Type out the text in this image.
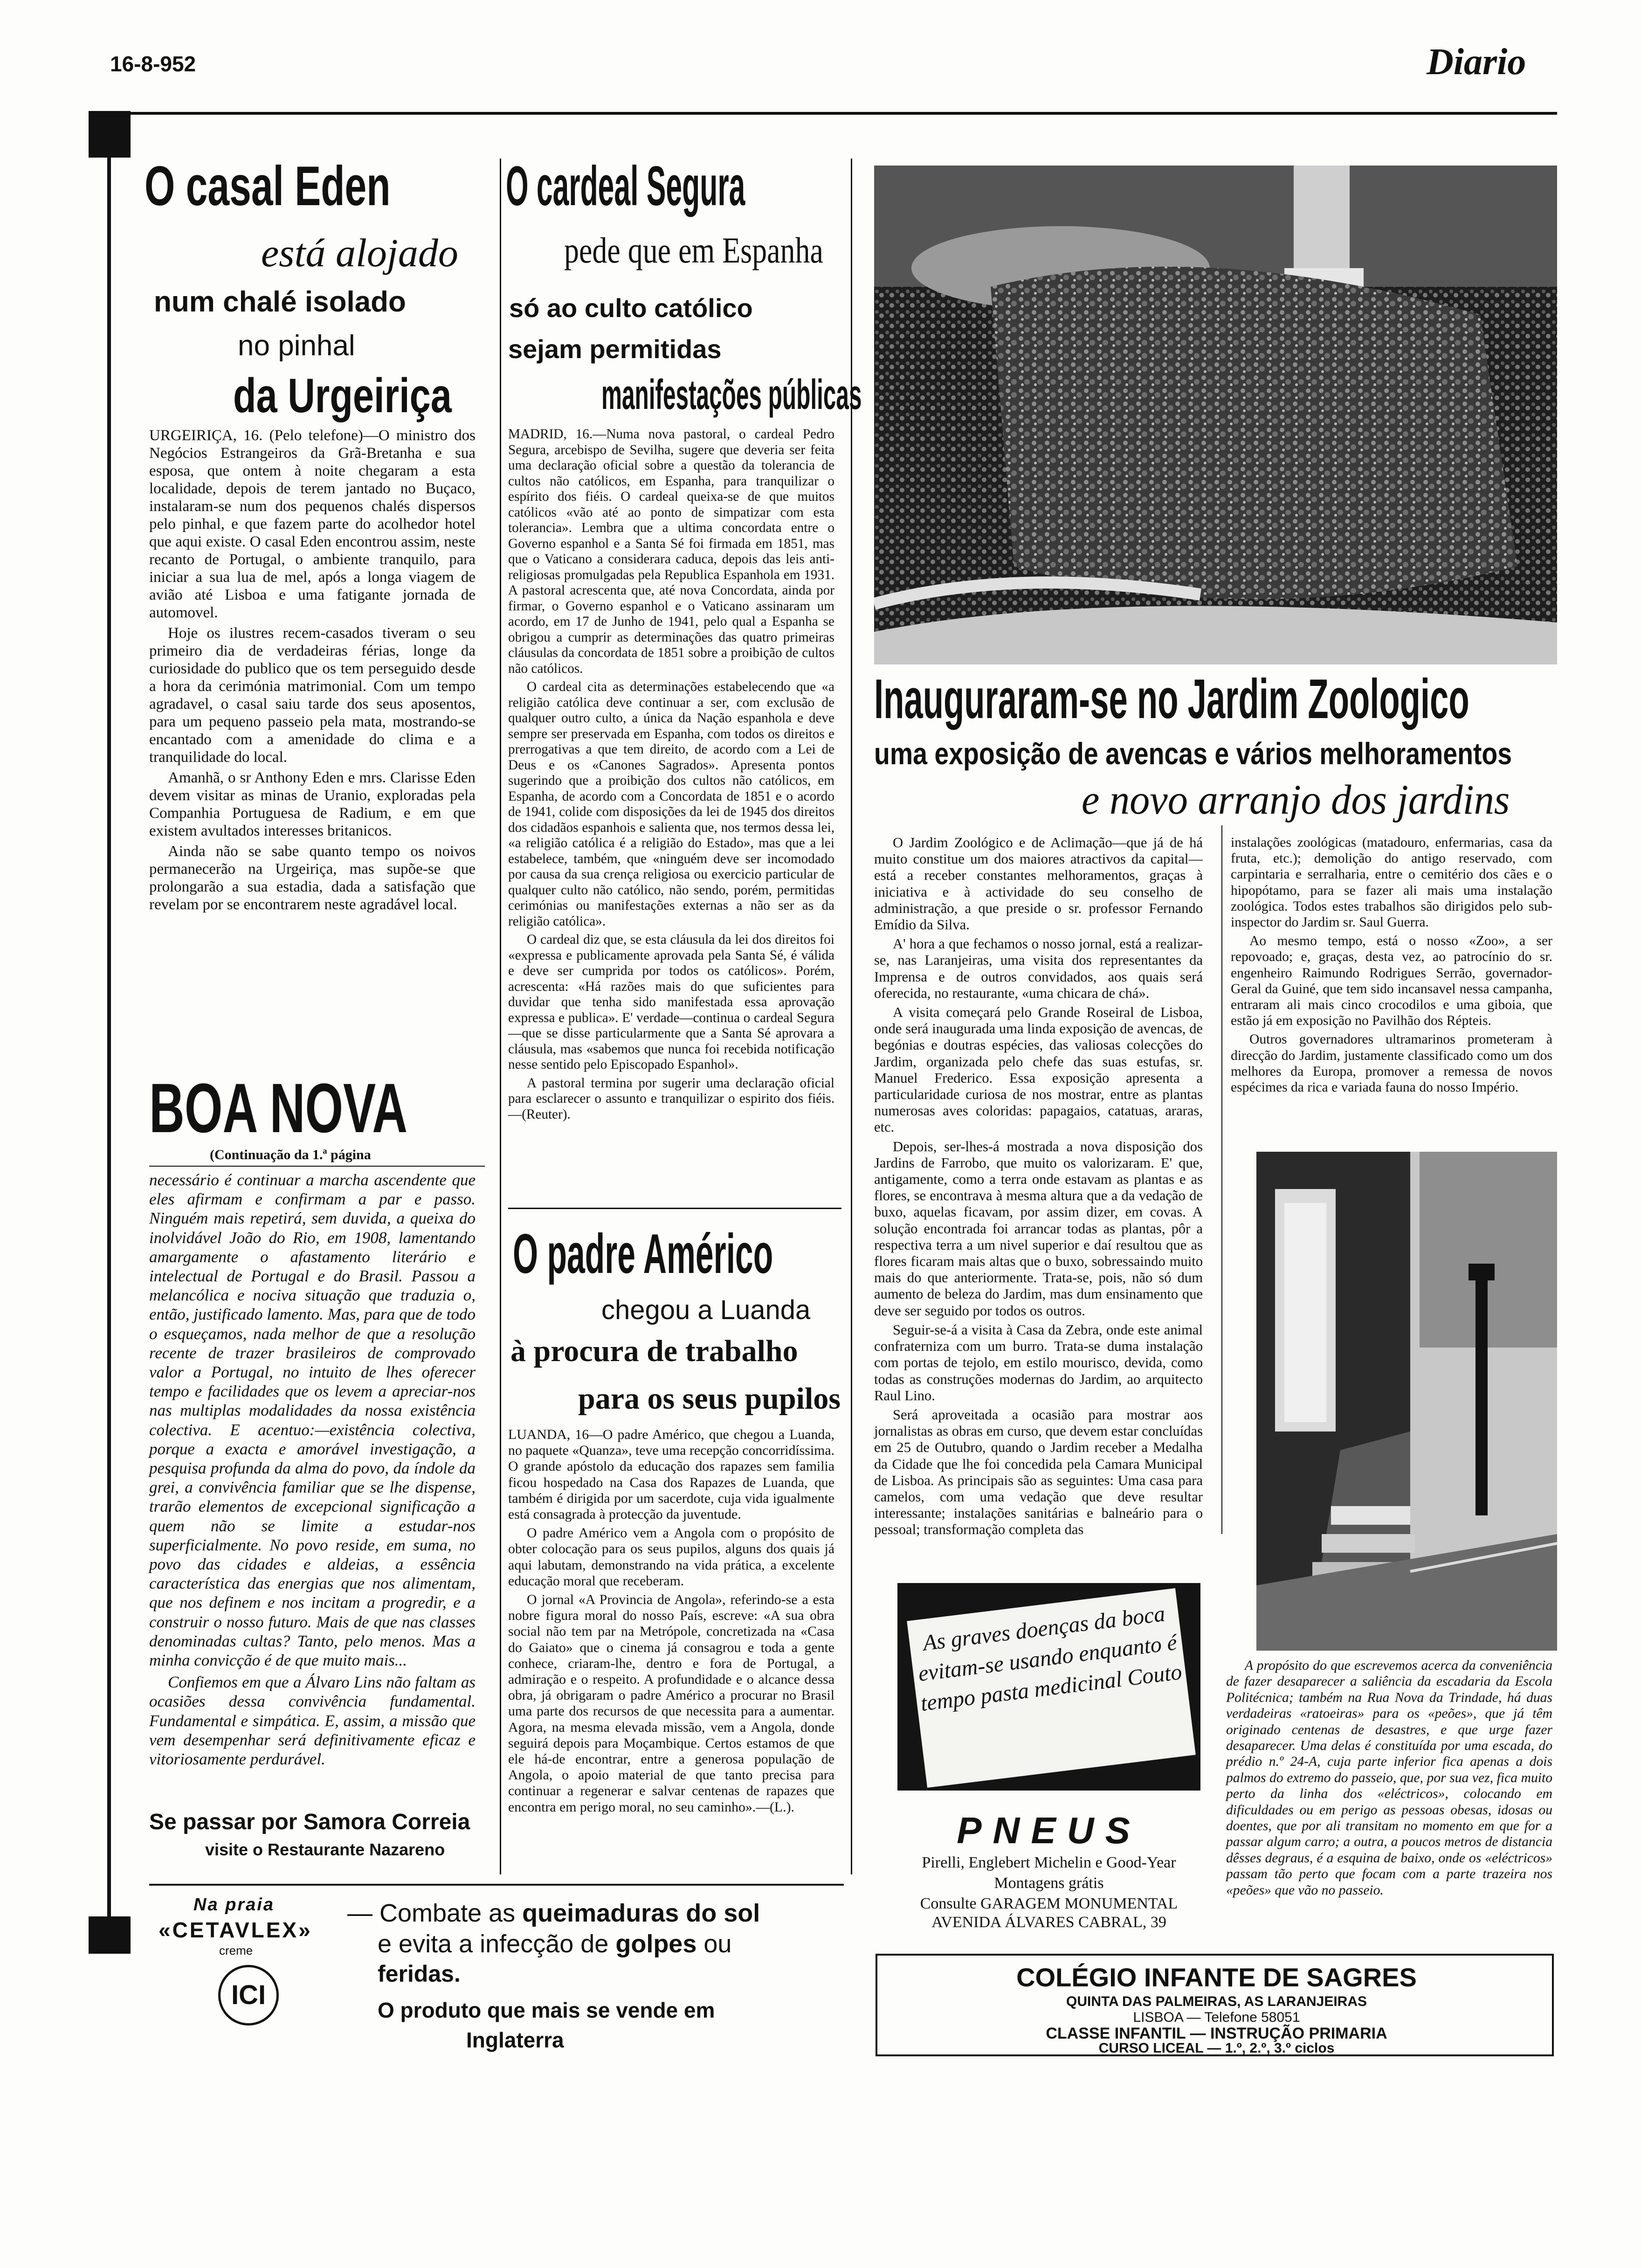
16-8-952	Diario
O casal Eden
está alojado
num chalé isolado
no pinhal
da Urgeiriça

URGEIRIÇA, 16. (Pelo telefone)—O ministro dos Negócios Estrangeiros da Grã-Bretanha e sua esposa, que ontem à noite chegaram a esta localidade, depois de terem jantado no Buçaco, instalaram-se num dos pequenos chalés dispersos pelo pinhal, e que fazem parte do acolhedor hotel que aqui existe. O casal Eden encontrou assim, neste recanto de Portugal, o ambiente tranquilo, para iniciar a sua lua de mel, após a longa viagem de avião até Lisboa e uma fatigante jornada de automovel.

Hoje os ilustres recem-casados tiveram o seu primeiro dia de verdadeiras férias, longe da curiosidade do publico que os tem perseguido desde a hora da cerimónia matrimonial. Com um tempo agradavel, o casal saiu tarde dos seus aposentos, para um pequeno passeio pela mata, mostrando-se encantado com a amenidade do clima e a tranquilidade do local.

Amanhã, o sr Anthony Eden e mrs. Clarisse Eden devem visitar as minas de Uranio, exploradas pela Companhia Portuguesa de Radium, e em que existem avultados interesses britanicos.

Ainda não se sabe quanto tempo os noivos permanecerão na Urgeiriça, mas supõe-se que prolongarão a sua estadia, dada a satisfação que revelam por se encontrarem neste agradável local.

BOA NOVA
(Continuação da 1.ª página

necessário é continuar a marcha ascendente que eles afirmam e confirmam a par e passo. Ninguém mais repetirá, sem duvida, a queixa do inolvidável João do Rio, em 1908, lamentando amargamente o afastamento literário e intelectual de Portugal e do Brasil. Passou a melancólica e nociva situação que traduzia o, então, justificado lamento. Mas, para que de todo o esqueçamos, nada melhor de que a resolução recente de trazer brasileiros de comprovado valor a Portugal, no intuito de lhes oferecer tempo e facilidades que os levem a apreciar-nos nas multiplas modalidades da nossa existência colectiva. E acentuo:—existência colectiva, porque a exacta e amorável investigação, a pesquisa profunda da alma do povo, da índole da grei, a convivência familiar que se lhe dispense, trarão elementos de excepcional significação a quem não se limite a estudar-nos superficialmente. No povo reside, em suma, no povo das cidades e aldeias, a essência característica das energias que nos alimentam, que nos definem e nos incitam a progredir, e a construir o nosso futuro. Mais de que nas classes denominadas cultas? Tanto, pelo menos. Mas a minha convicção é de que muito mais...

Confiemos em que a Álvaro Lins não faltam as ocasiões dessa convivência fundamental. Fundamental e simpática. E, assim, a missão que vem desempenhar será definitivamente eficaz e vitoriosamente perdurável.

Se passar por Samora Correia
visite o Restaurante Nazareno
O cardeal Segura
pede que em Espanha
só ao culto católico
sejam permitidas
manifestações públicas

MADRID, 16.—Numa nova pastoral, o cardeal Pedro Segura, arcebispo de Sevilha, sugere que deveria ser feita uma declaração oficial sobre a questão da tolerancia de cultos não católicos, em Espanha, para tranquilizar o espírito dos fiéis. O cardeal queixa-se de que muitos católicos «vão até ao ponto de simpatizar com esta tolerancia». Lembra que a ultima concordata entre o Governo espanhol e a Santa Sé foi firmada em 1851, mas que o Vaticano a considerara caduca, depois das leis anti-religiosas promulgadas pela Republica Espanhola em 1931. A pastoral acrescenta que, até nova Concordata, ainda por firmar, o Governo espanhol e o Vaticano assinaram um acordo, em 17 de Junho de 1941, pelo qual a Espanha se obrigou a cumprir as determinações das quatro primeiras cláusulas da concordata de 1851 sobre a proibição de cultos não católicos.

O cardeal cita as determinações estabelecendo que «a religião católica deve continuar a ser, com exclusão de qualquer outro culto, a única da Nação espanhola e deve sempre ser preservada em Espanha, com todos os direitos e prerrogativas a que tem direito, de acordo com a Lei de Deus e os «Canones Sagrados». Apresenta pontos sugerindo que a proibição dos cultos não católicos, em Espanha, de acordo com a Concordata de 1851 e o acordo de 1941, colide com disposições da lei de 1945 dos direitos dos cidadãos espanhois e salienta que, nos termos dessa lei, «a religião católica é a religião do Estado», mas que a lei estabelece, também, que «ninguém deve ser incomodado por causa da sua crença religiosa ou exercicio particular de qualquer culto não católico, não sendo, porém, permitidas cerimónias ou manifestações externas a não ser as da religião católica».

O cardeal diz que, se esta cláusula da lei dos direitos foi «expressa e publicamente aprovada pela Santa Sé, é válida e deve ser cumprida por todos os católicos». Porém, acrescenta: «Há razões mais do que suficientes para duvidar que tenha sido manifestada essa aprovação expressa e publica». E' verdade—continua o cardeal Segura—que se disse particularmente que a Santa Sé aprovara a cláusula, mas «sabemos que nunca foi recebida notificação nesse sentido pelo Episcopado Espanhol».

A pastoral termina por sugerir uma declaração oficial para esclarecer o assunto e tranquilizar o espirito dos fiéis.—(Reuter).

O padre Américo
chegou a Luanda
à procura de trabalho
para os seus pupilos

LUANDA, 16—O padre Américo, que chegou a Luanda, no paquete «Quanza», teve uma recepção concorridíssima. O grande apóstolo da educação dos rapazes sem familia ficou hospedado na Casa dos Rapazes de Luanda, que também é dirigida por um sacerdote, cuja vida igualmente está consagrada à protecção da juventude.

O padre Américo vem a Angola com o propósito de obter colocação para os seus pupilos, alguns dos quais já aqui labutam, demonstrando na vida prática, a excelente educação moral que receberam.

O jornal «A Provincia de Angola», referindo-se a esta nobre figura moral do nosso País, escreve: «A sua obra social não tem par na Metrópole, concretizada na «Casa do Gaiato» que o cinema já consagrou e toda a gente conhece, criaram-lhe, dentro e fora de Portugal, a admiração e o respeito. A profundidade e o alcance dessa obra, já obrigaram o padre Américo a procurar no Brasil uma parte dos recursos de que necessita para a aumentar. Agora, na mesma elevada missão, vem a Angola, donde seguirá depois para Moçambique. Certos estamos de que ele há-de encontrar, entre a generosa população de Angola, o apoio material de que tanto precisa para continuar a regenerar e salvar centenas de rapazes que encontra em perigo moral, no seu caminho».—(L.).

Na praia
«CETAVLEX»
creme
ICI
— Combate as queimaduras do sol
e evita a infecção de golpes ou
feridas.
O produto que mais se vende em
Inglaterra
Inauguraram-se no Jardim Zoologico
uma exposição de avencas e vários melhoramentos
e novo arranjo dos jardins

O Jardim Zoológico e de Aclimação—que já de há muito constitue um dos maiores atractivos da capital—está a receber constantes melhoramentos, graças à iniciativa e à actividade do seu conselho de administração, a que preside o sr. professor Fernando Emídio da Silva.

A' hora a que fechamos o nosso jornal, está a realizar-se, nas Laranjeiras, uma visita dos representantes da Imprensa e de outros convidados, aos quais será oferecida, no restaurante, «uma chicara de chá».

A visita começará pelo Grande Roseiral de Lisboa, onde será inaugurada uma linda exposição de avencas, de begónias e doutras espécies, das valiosas colecções do Jardim, organizada pelo chefe das suas estufas, sr. Manuel Frederico. Essa exposição apresenta a particularidade curiosa de nos mostrar, entre as plantas numerosas aves coloridas: papagaios, catatuas, araras, etc.

Depois, ser-lhes-á mostrada a nova disposição dos Jardins de Farrobo, que muito os valorizaram. E' que, antigamente, como a terra onde estavam as plantas e as flores, se encontrava à mesma altura que a da vedação de buxo, aquelas ficavam, por assim dizer, em covas. A solução encontrada foi arrancar todas as plantas, pôr a respectiva terra a um nivel superior e daí resultou que as flores ficaram mais altas que o buxo, sobressaindo muito mais do que anteriormente. Trata-se, pois, não só dum aumento de beleza do Jardim, mas dum ensinamento que deve ser seguido por todos os outros.

Seguir-se-á a visita à Casa da Zebra, onde este animal confraterniza com um burro. Trata-se duma instalação com portas de tejolo, em estilo mourisco, devida, como todas as construções modernas do Jardim, ao arquitecto Raul Lino.

Será aproveitada a ocasião para mostrar aos jornalistas as obras em curso, que devem estar concluídas em 25 de Outubro, quando o Jardim receber a Medalha da Cidade que lhe foi concedida pela Camara Municipal de Lisboa. As principais são as seguintes: Uma casa para camelos, com uma vedação que deve resultar interessante; instalações sanitárias e balneário para o pessoal; transformação completa das

instalações zoológicas (matadouro, enfermarias, casa da fruta, etc.); demolição do antigo reservado, com carpintaria e serralharia, entre o cemitério dos cães e o hipopótamo, para se fazer ali mais uma instalação zoológica. Todos estes trabalhos são dirigidos pelo sub-inspector do Jardim sr. Saul Guerra.

Ao mesmo tempo, está o nosso «Zoo», a ser repovoado; e, graças, desta vez, ao patrocínio do sr. engenheiro Raimundo Rodrigues Serrão, governador-Geral da Guiné, que tem sido incansavel nessa campanha, entraram ali mais cinco crocodilos e uma giboia, que estão já em exposição no Pavilhão dos Répteis.

Outros governadores ultramarinos prometeram à direcção do Jardim, justamente classificado como um dos melhores da Europa, promover a remessa de novos espécimes da rica e variada fauna do nosso Império.

As graves doenças da boca evitam-se usando enquanto é tempo pasta medicinal Couto
PNEUS
Pirelli, Englebert Michelin e Good-Year
Montagens grátis
Consulte GARAGEM MONUMENTAL
AVENIDA ÁLVARES CABRAL, 39

A propósito do que escrevemos acerca da conveniência de fazer desaparecer a saliência da escadaria da Escola Politécnica; também na Rua Nova da Trindade, há duas verdadeiras «ratoeiras» para os «peões», que já têm originado centenas de desastres, e que urge fazer desaparecer. Uma delas é constituída por uma escada, do prédio n.º 24-A, cuja parte inferior fica apenas a dois palmos do extremo do passeio, que, por sua vez, fica muito perto da linha dos «eléctricos», colocando em dificuldades ou em perigo as pessoas obesas, idosas ou doentes, que por ali transitam no momento em que for a passar algum carro; a outra, a poucos metros de distancia dêsses degraus, é a esquina de baixo, onde os «eléctricos» passam tão perto que focam com a parte trazeira nos «peões» que vão no passeio.

COLÉGIO INFANTE DE SAGRES
QUINTA DAS PALMEIRAS, AS LARANJEIRAS
LISBOA — Telefone 58051
CLASSE INFANTIL — INSTRUÇÃO PRIMARIA
CURSO LICEAL — 1.º, 2.º, 3.º ciclos
